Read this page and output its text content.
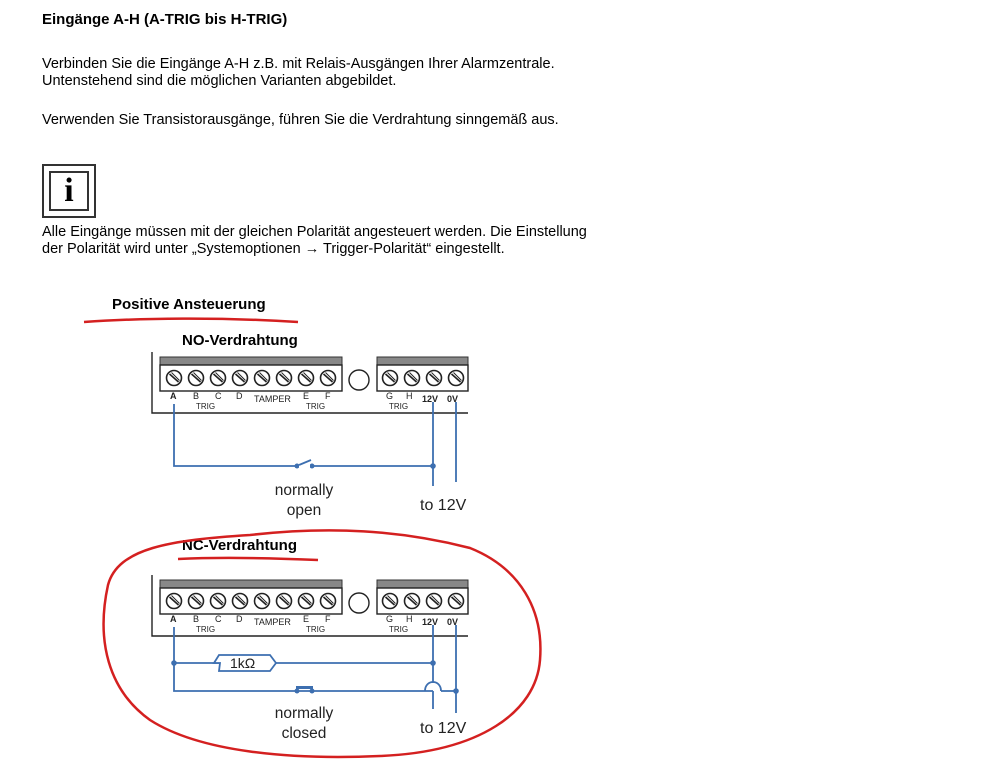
Eingänge A-H (A-TRIG bis H-TRIG)
Verbinden Sie die Eingänge A-H z.B. mit Relais-Ausgängen Ihrer Alarmzentrale. Untenstehend sind die möglichen Varianten abgebildet.
Verwenden Sie Transistorausgänge, führen Sie die Verdrahtung sinngemäß aus.
i
Alle Eingänge müssen mit der gleichen Polarität angesteuert werden. Die Einstellung der Polarität wird unter „Systemoptionen → Trigger-Polarität“ eingestellt.
Positive Ansteuerung
NO-Verdrahtung
NC-Verdrahtung
A B C D TAMPER E F	G H 12V 0V
TRIG	TRIG	TRIG
normally
open	to 12V
A B C D TAMPER E F	G H 12V 0V
TRIG	TRIG	TRIG
1kΩ
normally
closed	to 12V
